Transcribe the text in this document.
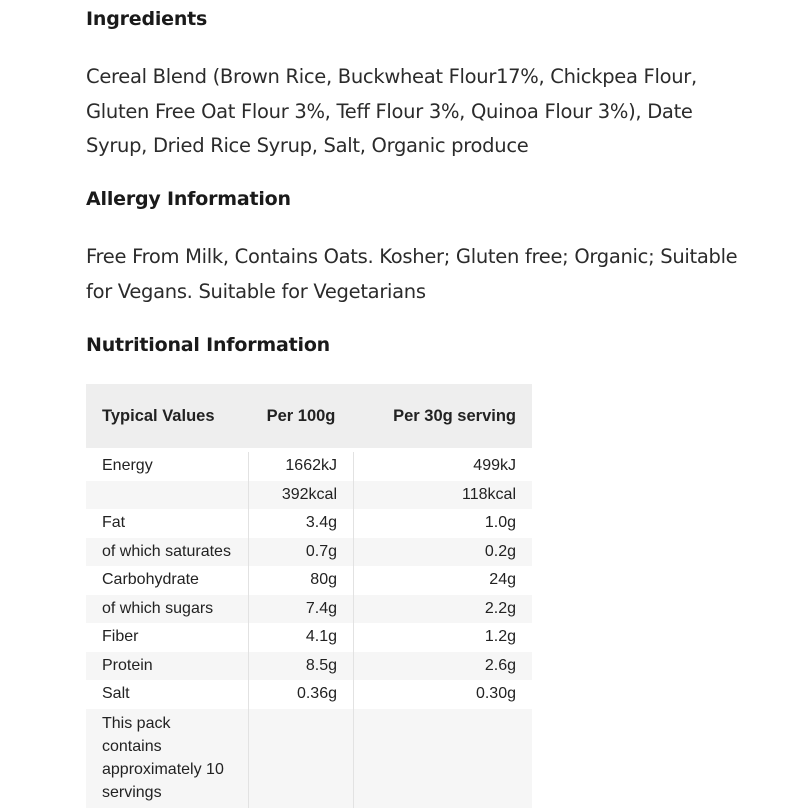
Ingredients

Cereal Blend (Brown Rice, Buckwheat Flour17%, Chickpea Flour,
Gluten Free Oat Flour 3%, Teff Flour 3%, Quinoa Flour 3%), Date
Syrup, Dried Rice Syrup, Salt, Organic produce

Allergy Information

Free From Milk, Contains Oats. Kosher; Gluten free; Organic; Suitable
for Vegans. Suitable for Vegetarians

Nutritional Information
Typical Values	Per 100g	Per 30g serving

Energy	1662kJ	499kJ
	392kcal	118kcal
Fat	3.4g	1.0g
of which saturates	0.7g	0.2g
Carbohydrate	80g	24g
of which sugars	7.4g	2.2g
Fiber	4.1g	1.2g
Protein	8.5g	2.6g
Salt	0.36g	0.30g
This pack contains
approximately 10
servings		
